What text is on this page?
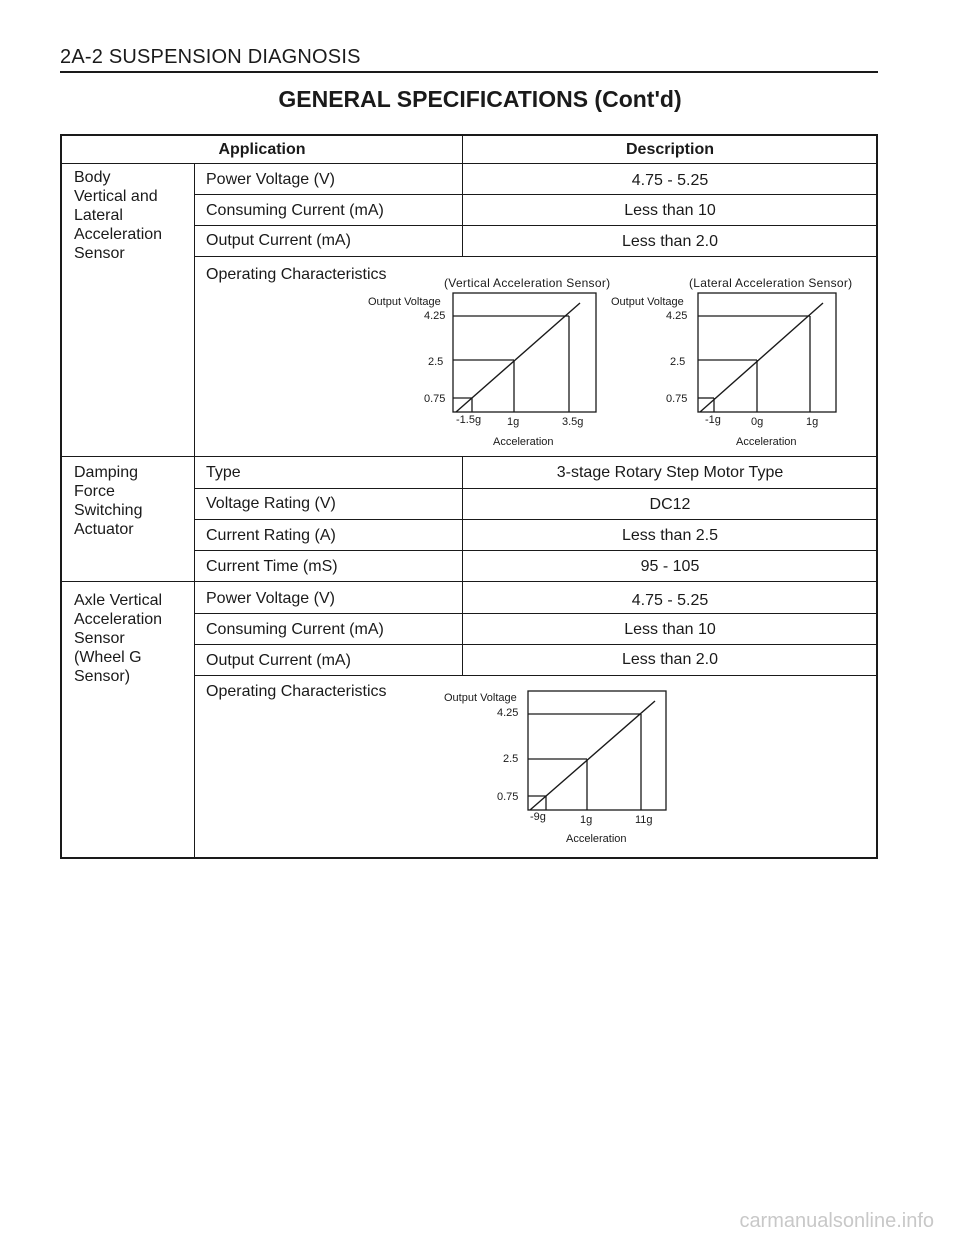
2A-2 SUSPENSION DIAGNOSIS
GENERAL SPECIFICATIONS (Cont'd)
Application	Description
Body
Vertical and
Lateral
Acceleration
Sensor
Power Voltage (V)	4.75 - 5.25
Consuming Current (mA)	Less than 10
Output Current (mA)	Less than 2.0
Operating Characteristics
Damping
Force
Switching
Actuator
Type	3-stage Rotary Step Motor Type
Voltage Rating (V)	DC12
Current Rating (A)	Less than 2.5
Current Time (mS)	95 - 105
Axle Vertical
Acceleration
Sensor
(Wheel G
Sensor)
Power Voltage (V)	4.75 - 5.25
Consuming Current (mA)	Less than 10
Output Current (mA)	Less than 2.0
Operating Characteristics
(Vertical Acceleration Sensor)
Output Voltage
4.25
2.5
0.75
-1.5g 1g	3.5g
Acceleration
(Lateral Acceleration Sensor)
Output Voltage
4.25
2.5
0.75
-1g	0g	1g
Acceleration
Output Voltage
4.25
2.5
0.75
-9g	1g	11g
Acceleration
carmanualsonline.info
